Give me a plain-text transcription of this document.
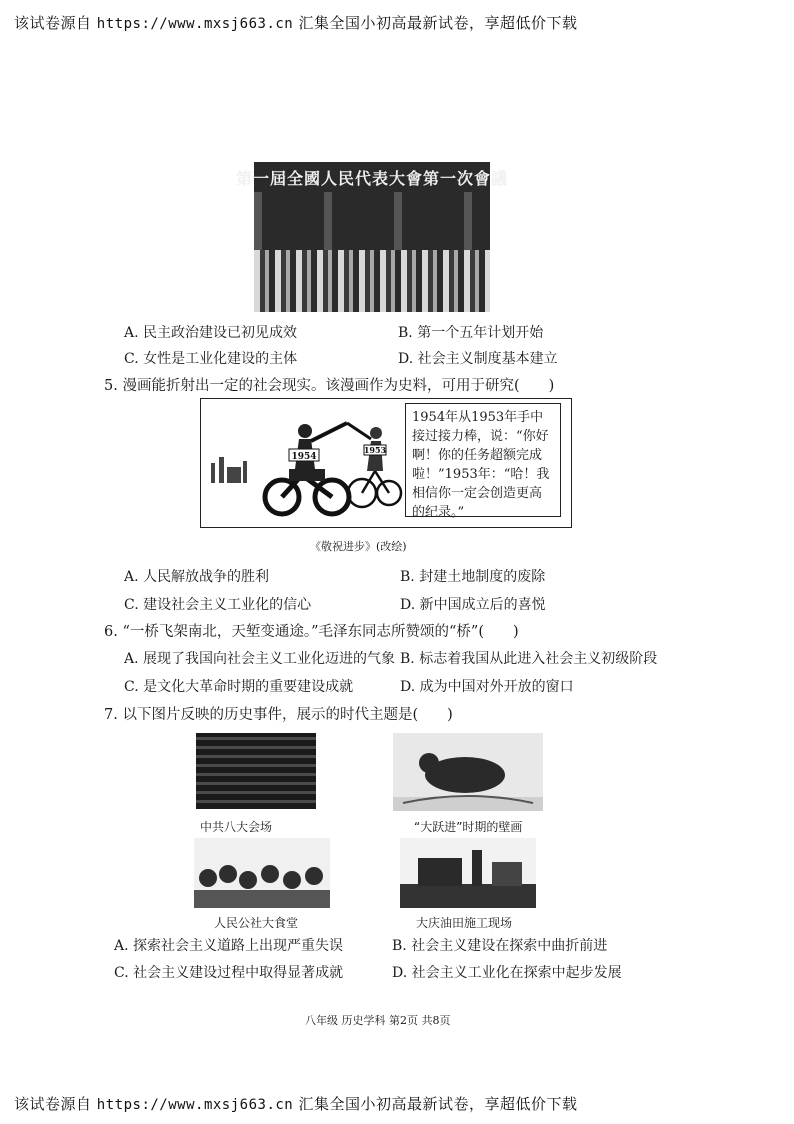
该试卷源自 https://www.mxsj663.cn 汇集全国小初高最新试卷，享超低价下载
第一屆全國人民代表大會第一次會議
A. 民主政治建设已初见成效	B. 第一个五年计划开始
C. 女性是工业化建设的主体	D. 社会主义制度基本建立
5. 漫画能折射出一定的社会现实。该漫画作为史料，可用于研究(　　)
1954
1953
1954年从1953年手中接过接力棒，说：“你好啊！你的任务超额完成啦！”1953年：“哈！我相信你一定会创造更高的纪录。”
《敬祝进步》(改绘)
A. 人民解放战争的胜利	B. 封建土地制度的废除
C. 建设社会主义工业化的信心	D. 新中国成立后的喜悦
6. “一桥飞架南北，天堑变通途。”毛泽东同志所赞颂的“桥”(　　)
A. 展现了我国向社会主义工业化迈进的气象 B. 标志着我国从此进入社会主义初级阶段
C. 是文化大革命时期的重要建设成就	D. 成为中国对外开放的窗口
7. 以下图片反映的历史事件，展示的时代主题是(　　)
中共八大会场	“大跃进”时期的壁画
人民公社大食堂	大庆油田施工现场
A. 探索社会主义道路上出现严重失误	B. 社会主义建设在探索中曲折前进
C. 社会主义建设过程中取得显著成就	D. 社会主义工业化在探索中起步发展
八年级 历史学科 第2页 共8页
该试卷源自 https://www.mxsj663.cn 汇集全国小初高最新试卷，享超低价下载
